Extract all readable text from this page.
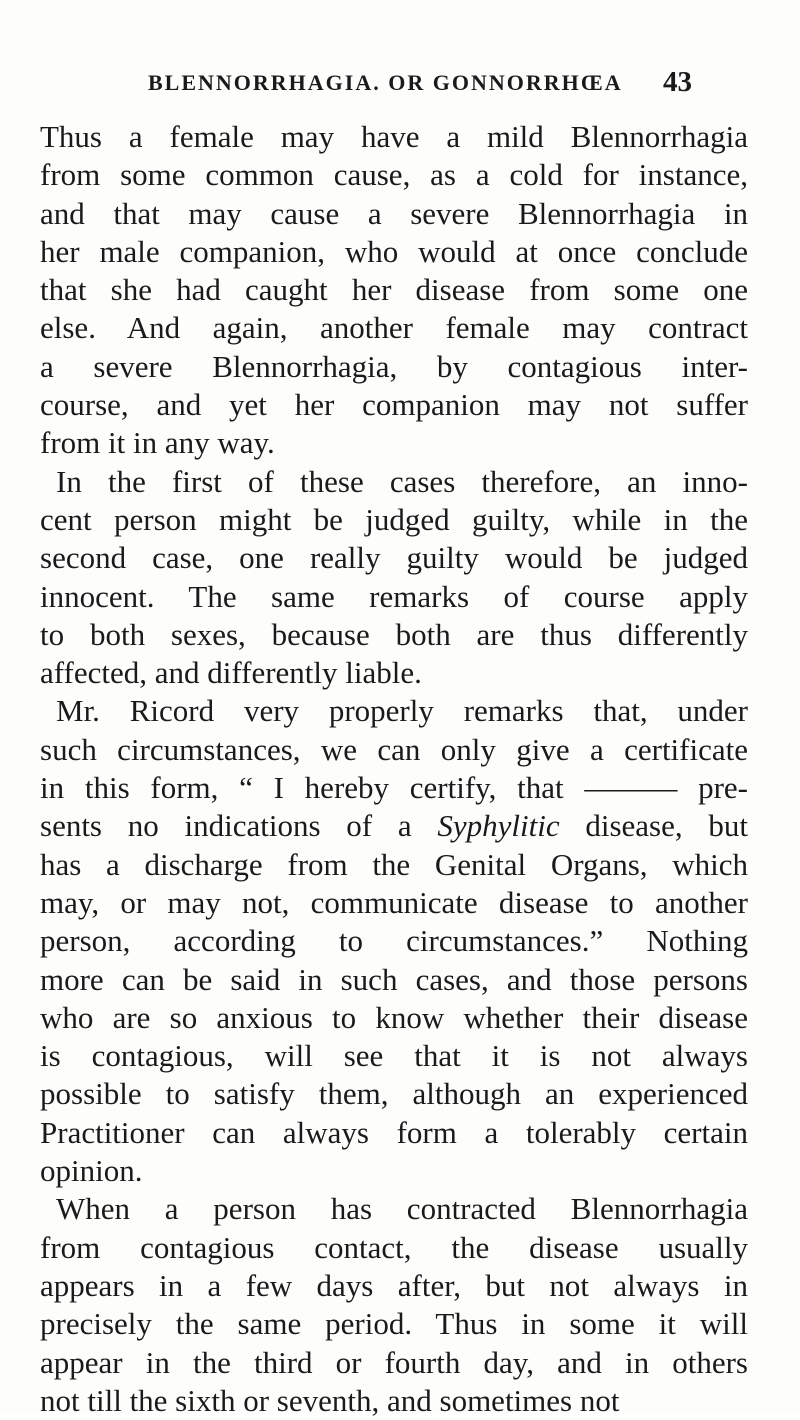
BLENNORRHAGIA. OR GONNORRHŒA 43
Thus a female may have a mild Blennorrhagia
from some common cause, as a cold for instance,
and that may cause a severe Blennorrhagia in
her male companion, who would at once conclude
that she had caught her disease from some one
else. And again, another female may contract
a severe Blennorrhagia, by contagious inter-
course, and yet her companion may not suffer
from it in any way.
In the first of these cases therefore, an inno-
cent person might be judged guilty, while in the
second case, one really guilty would be judged
innocent. The same remarks of course apply
to both sexes, because both are thus differently
affected, and differently liable.
Mr. Ricord very properly remarks that, under
such circumstances, we can only give a certificate
in this form, “ I hereby certify, that ——— pre-
sents no indications of a Syphylitic disease, but
has a discharge from the Genital Organs, which
may, or may not, communicate disease to another
person, according to circumstances.” Nothing
more can be said in such cases, and those persons
who are so anxious to know whether their disease
is contagious, will see that it is not always
possible to satisfy them, although an experienced
Practitioner can always form a tolerably certain
opinion.
When a person has contracted Blennorrhagia
from contagious contact, the disease usually
appears in a few days after, but not always in
precisely the same period. Thus in some it will
appear in the third or fourth day, and in others
not till the sixth or seventh, and sometimes not
